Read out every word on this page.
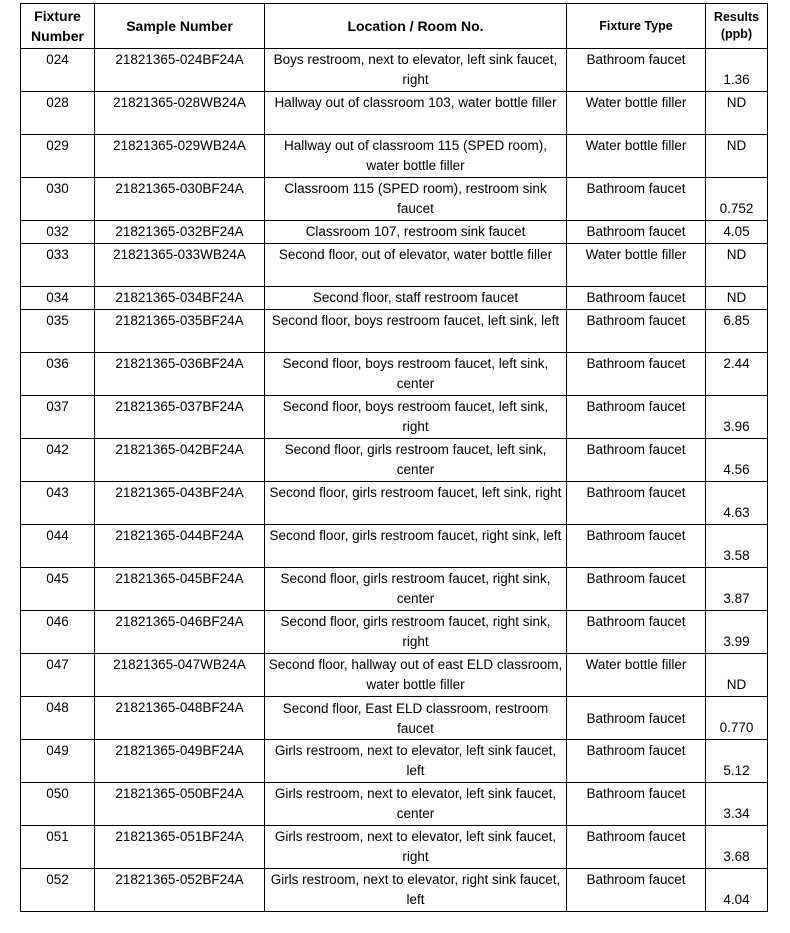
Fixture Number	Sample Number	Location / Room No.	Fixture Type	Results (ppb)
024	21821365-024BF24A	Boys restroom, next to elevator, left sink faucet, right	Bathroom faucet	1.36
028	21821365-028WB24A	Hallway out of classroom 103, water bottle filler	Water bottle filler	ND
029	21821365-029WB24A	Hallway out of classroom 115 (SPED room), water bottle filler	Water bottle filler	ND
030	21821365-030BF24A	Classroom 115 (SPED room), restroom sink faucet	Bathroom faucet	0.752
032	21821365-032BF24A	Classroom 107, restroom sink faucet	Bathroom faucet	4.05
033	21821365-033WB24A	Second floor, out of elevator, water bottle filler	Water bottle filler	ND
034	21821365-034BF24A	Second floor, staff restroom faucet	Bathroom faucet	ND
035	21821365-035BF24A	Second floor, boys restroom faucet, left sink, left	Bathroom faucet	6.85
036	21821365-036BF24A	Second floor, boys restroom faucet, left sink, center	Bathroom faucet	2.44
037	21821365-037BF24A	Second floor, boys restroom faucet, left sink, right	Bathroom faucet	3.96
042	21821365-042BF24A	Second floor, girls restroom faucet, left sink, center	Bathroom faucet	4.56
043	21821365-043BF24A	Second floor, girls restroom faucet, left sink, right	Bathroom faucet	4.63
044	21821365-044BF24A	Second floor, girls restroom faucet, right sink, left	Bathroom faucet	3.58
045	21821365-045BF24A	Second floor, girls restroom faucet, right sink, center	Bathroom faucet	3.87
046	21821365-046BF24A	Second floor, girls restroom faucet, right sink, right	Bathroom faucet	3.99
047	21821365-047WB24A	Second floor, hallway out of east ELD classroom, water bottle filler	Water bottle filler	ND
048	21821365-048BF24A	Second floor, East ELD classroom, restroom faucet	Bathroom faucet	0.770
049	21821365-049BF24A	Girls restroom, next to elevator, left sink faucet, left	Bathroom faucet	5.12
050	21821365-050BF24A	Girls restroom, next to elevator, left sink faucet, center	Bathroom faucet	3.34
051	21821365-051BF24A	Girls restroom, next to elevator, left sink faucet, right	Bathroom faucet	3.68
052	21821365-052BF24A	Girls restroom, next to elevator, right sink faucet, left	Bathroom faucet	4.04
